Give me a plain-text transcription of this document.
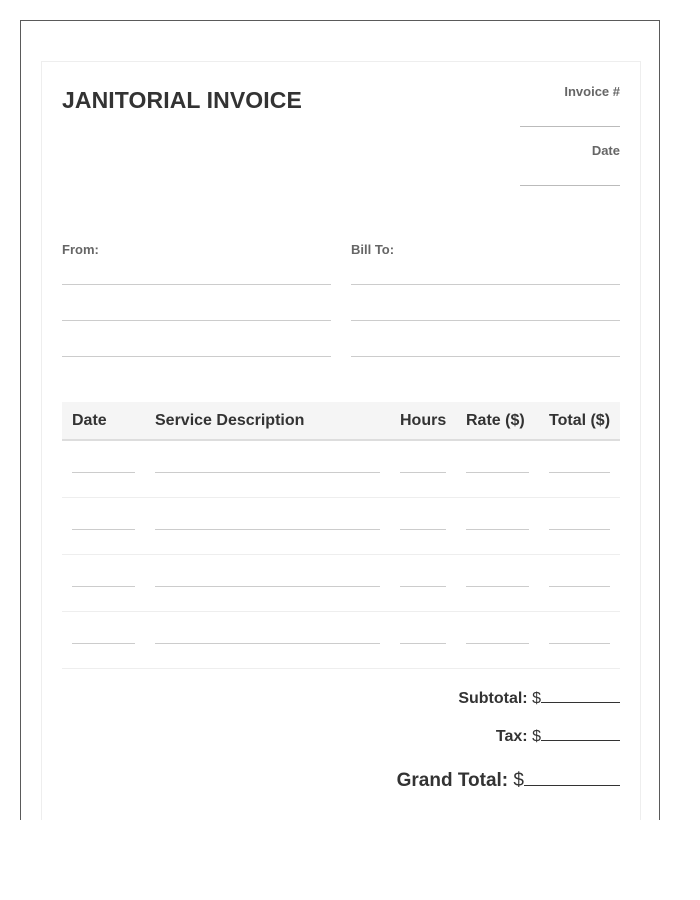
JANITORIAL INVOICE	Invoice #
Date
From:	Bill To:
Date	Service Description	Hours	Rate ($)	Total ($)

Subtotal: $
Tax: $
Grand Total: $
